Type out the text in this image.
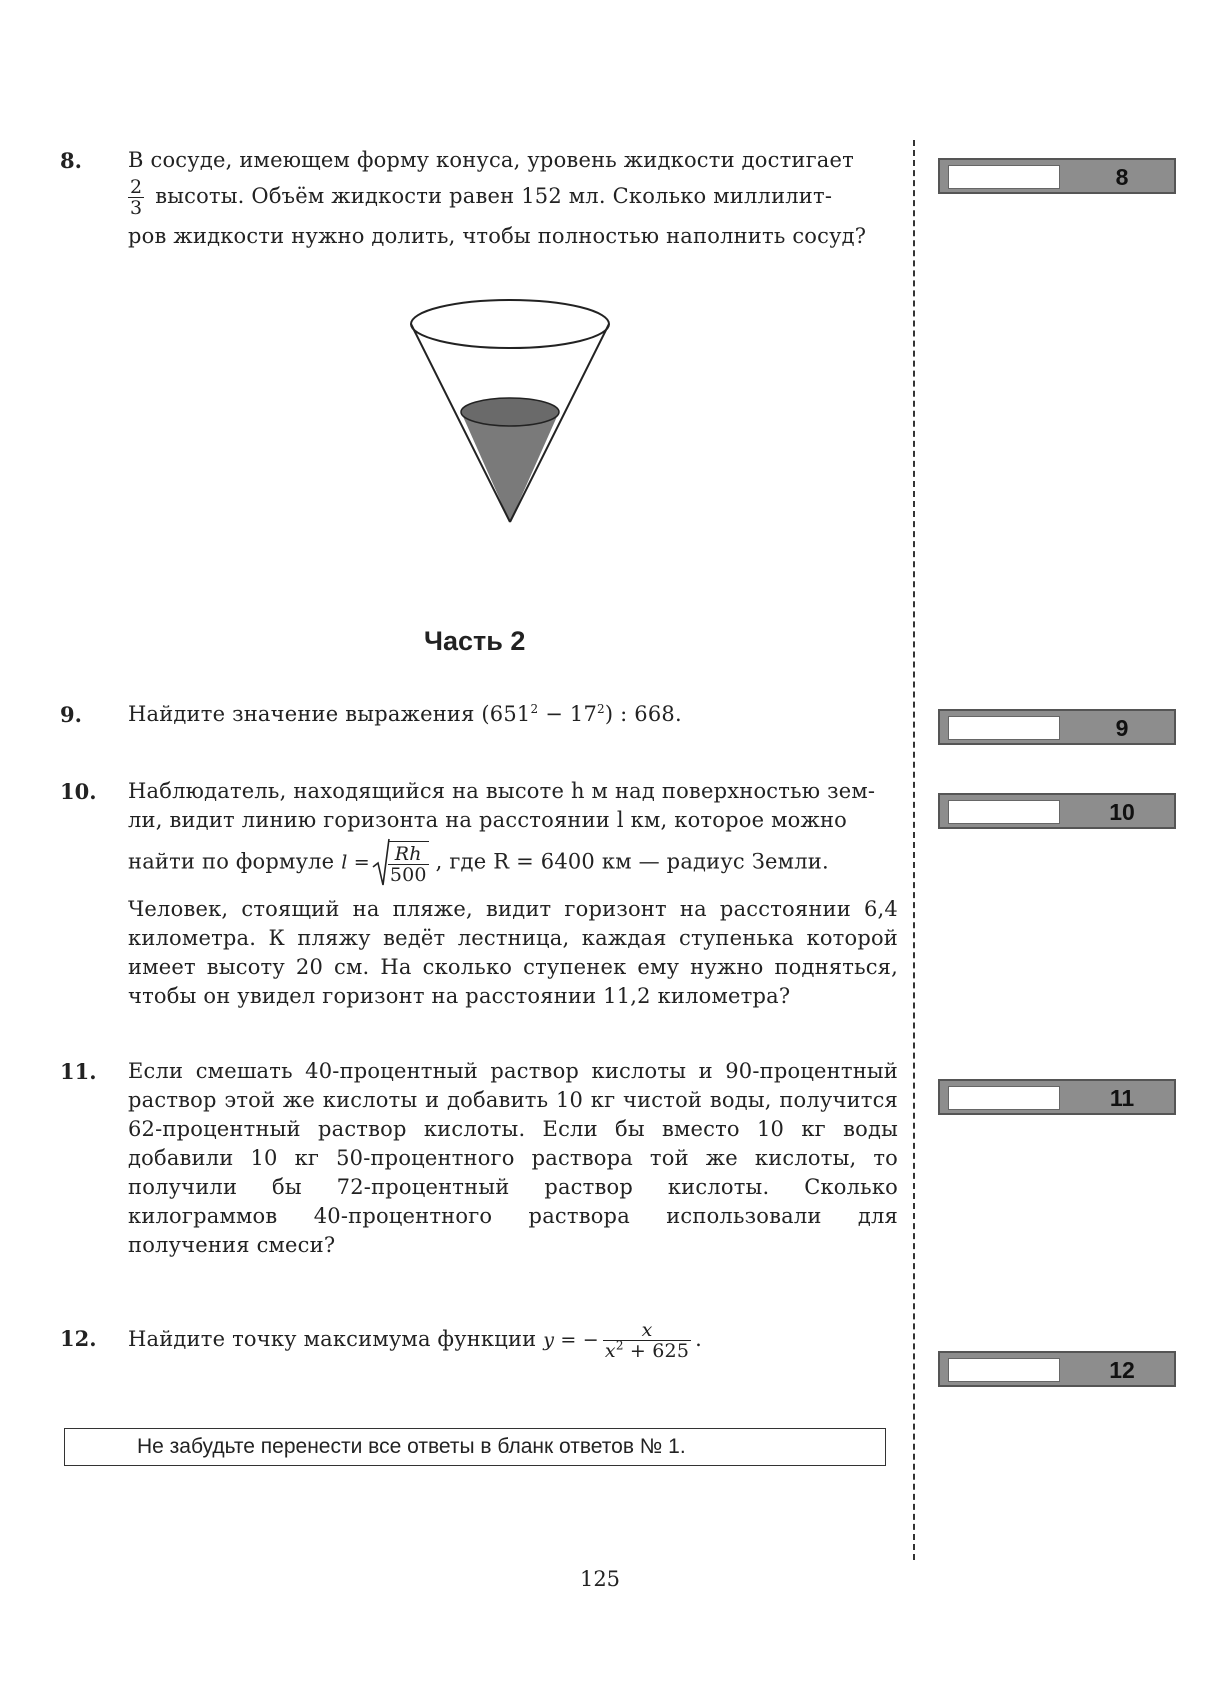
8.	В сосуде, имеющем форму конуса, уровень жидкости достигает
$\frac{2}{3}$ высоты. Объём жидкости равен 152 мл. Сколько миллилит-
ров жидкости нужно долить, чтобы полностью наполнить сосуд?
Часть 2
9.	Найдите значение выражения $(651^2 - 17^2)$ : 668.
10.	Наблюдатель, находящийся на высоте h м над поверхностью зем-
ли, видит линию горизонта на расстоянии l км, которое можно
найти по формуле $l = \frac{Rh}{500}$ , где R = 6400 км — радиус Земли.
Человек, стоящий на пляже, видит горизонт на расстоянии 6,4 километра. К пляжу ведёт лестница, каждая ступенька которой имеет высоту 20 см. На сколько ступенек ему нужно подняться, чтобы он увидел горизонт на расстоянии 11,2 километра?
11.	Если смешать 40-процентный раствор кислоты и 90-процентный раствор этой же кислоты и добавить 10 кг чистой воды, получится 62-процентный раствор кислоты. Если бы вместо 10 кг воды добавили 10 кг 50-процентного раствора той же кислоты, то получили бы 72-процентный раствор кислоты. Сколько килограммов 40-процентного раствора использовали для получения смеси?
12.	Найдите точку максимума функции y = − $\frac{x}{x^2 + 625}$ .
Не забудьте перенести все ответы в бланк ответов № 1.
8
9
10
11
12
125
